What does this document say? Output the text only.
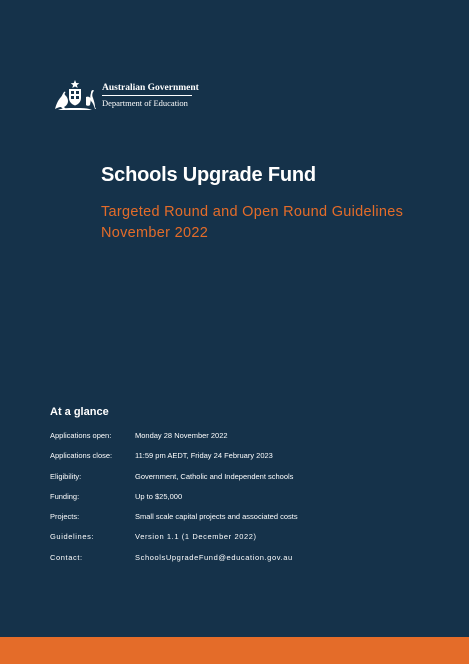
Australian Government
Department of Education
Schools Upgrade Fund
Targeted Round and Open Round Guidelines
November 2022
At a glance
Applications open:	Monday 28 November 2022
Applications close:	11:59 pm AEDT, Friday 24 February 2023
Eligibility:	Government, Catholic and Independent schools
Funding:	Up to $25,000
Projects:	Small scale capital projects and associated costs
Guidelines:	Version 1.1 (1 December 2022)
Contact:	SchoolsUpgradeFund@education.gov.au
